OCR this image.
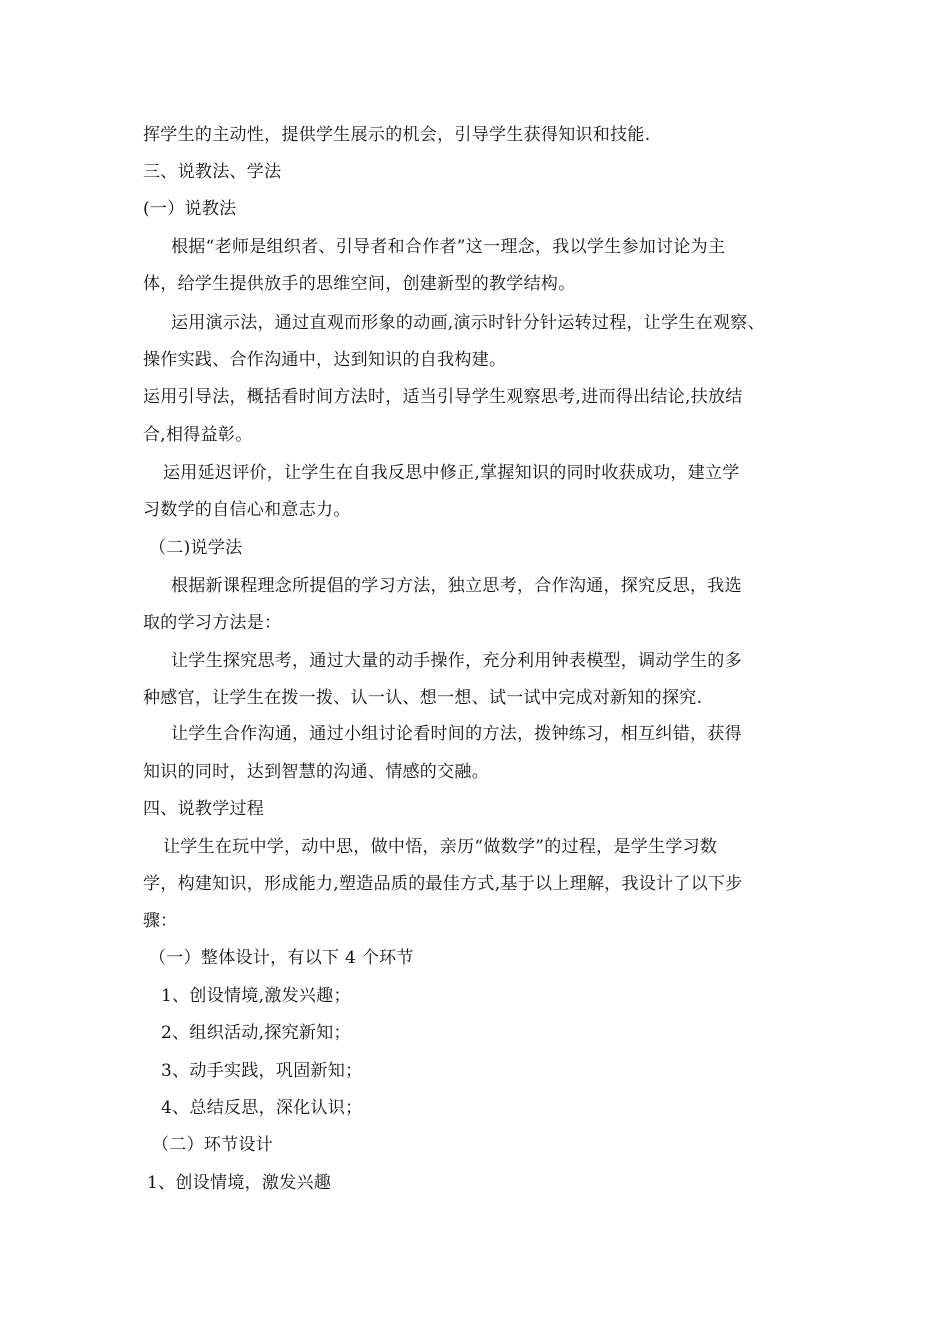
挥学生的主动性，提供学生展示的机会，引导学生获得知识和技能.
三、说教法、学法
(一）说教法
根据“老师是组织者、引导者和合作者”这一理念，我以学生参加讨论为主
体，给学生提供放手的思维空间，创建新型的教学结构。
运用演示法，通过直观而形象的动画,演示时针分针运转过程，让学生在观察、
操作实践、合作沟通中，达到知识的自我构建。
运用引导法，概括看时间方法时，适当引导学生观察思考,进而得出结论,扶放结
合,相得益彰。
运用延迟评价，让学生在自我反思中修正,掌握知识的同时收获成功，建立学
习数学的自信心和意志力。
（二)说学法
根据新课程理念所提倡的学习方法，独立思考，合作沟通，探究反思，我选
取的学习方法是：
让学生探究思考，通过大量的动手操作，充分利用钟表模型，调动学生的多
种感官，让学生在拨一拨、认一认、想一想、试一试中完成对新知的探究.
让学生合作沟通，通过小组讨论看时间的方法，拨钟练习，相互纠错，获得
知识的同时，达到智慧的沟通、情感的交融。
四、说教学过程
让学生在玩中学，动中思，做中悟，亲历“做数学”的过程，是学生学习数
学，构建知识，形成能力,塑造品质的最佳方式,基于以上理解，我设计了以下步
骤：
（一）整体设计，有以下 4 个环节
1、创设情境,激发兴趣；
2、组织活动,探究新知；
3、动手实践，巩固新知；
4、总结反思，深化认识；
（二）环节设计
1、创设情境，激发兴趣
